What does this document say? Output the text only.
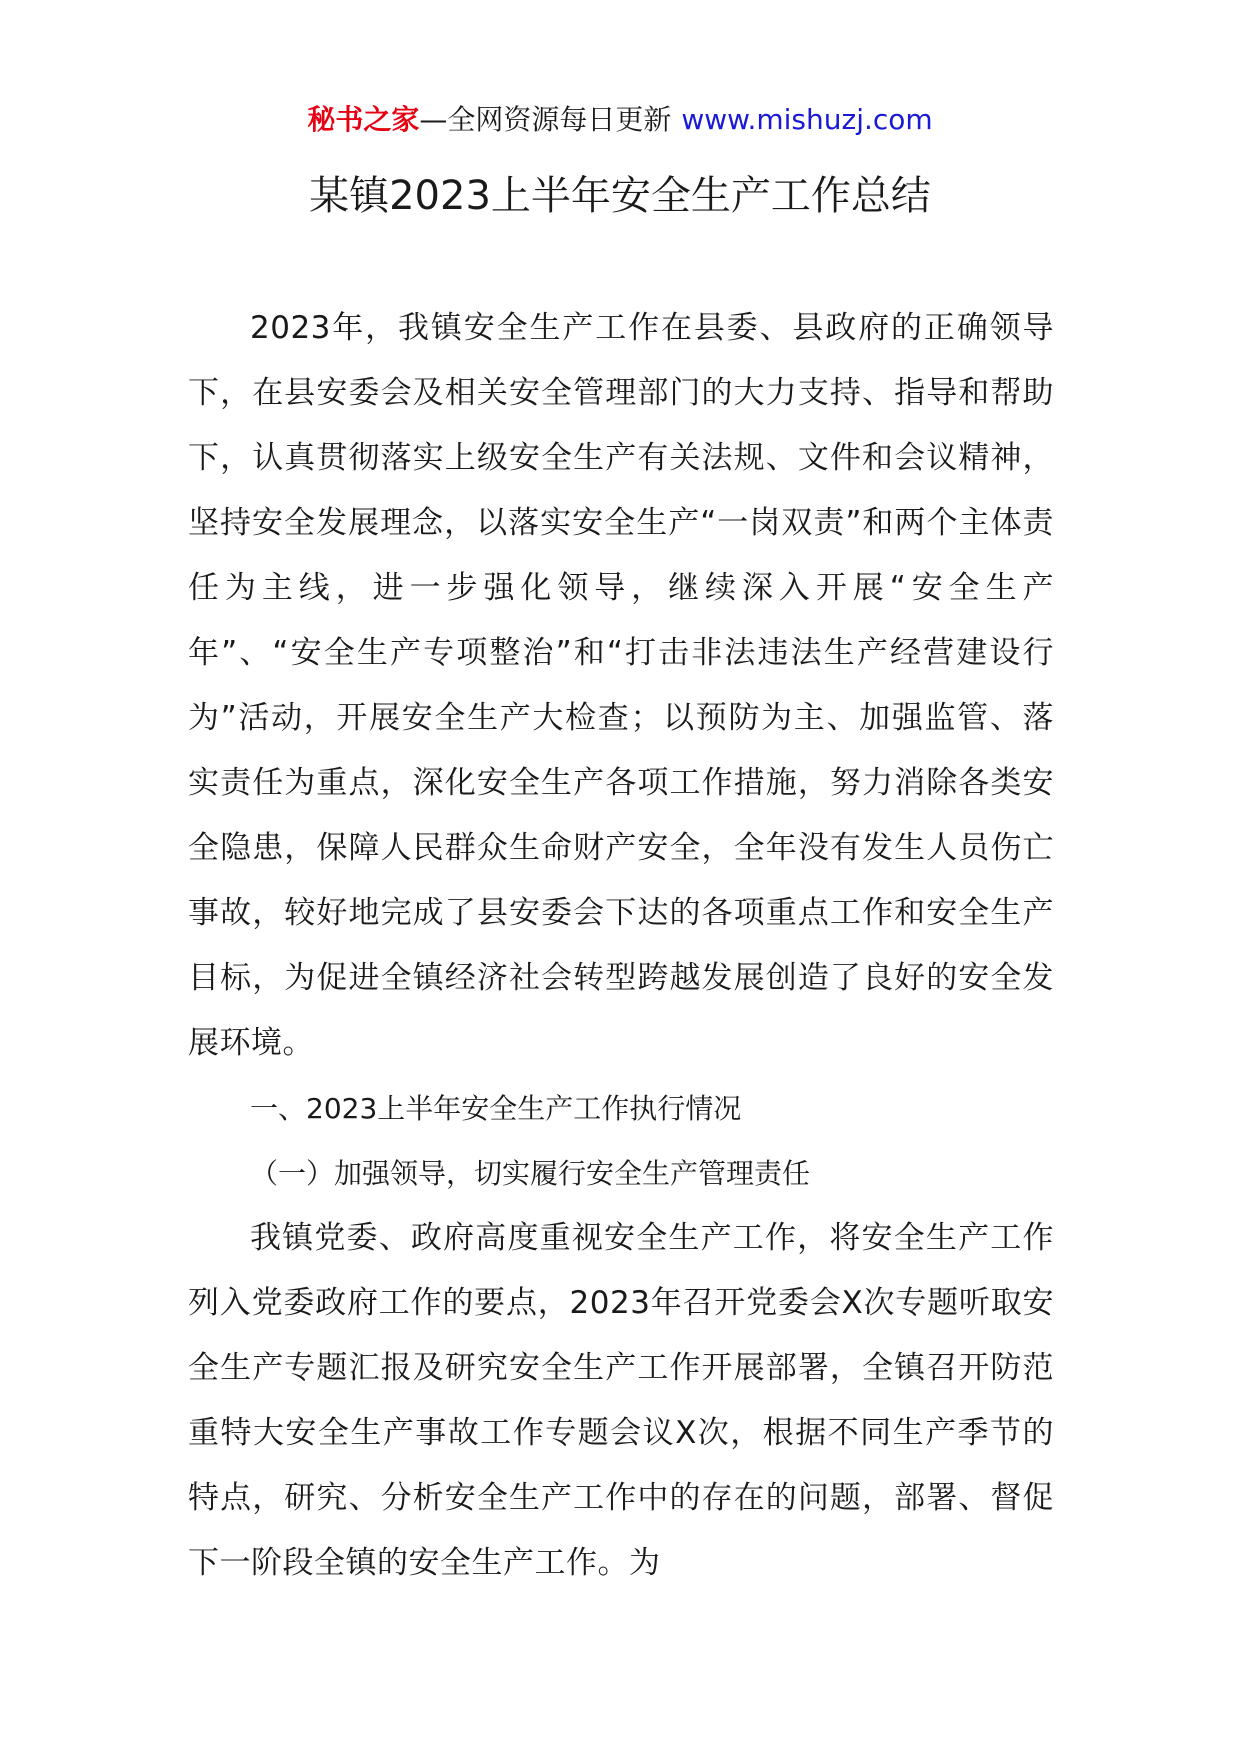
秘书之家—全网资源每日更新 www.mishuzj.com
某镇2023上半年安全生产工作总结

2023年，我镇安全生产工作在县委、县政府的正确领导下，在县安委会及相关安全管理部门的大力支持、指导和帮助下，认真贯彻落实上级安全生产有关法规、文件和会议精神，坚持安全发展理念，以落实安全生产“一岗双责”和两个主体责任为主线，进一步强化领导，继续深入开展“安全生产年”、“安全生产专项整治”和“打击非法违法生产经营建设行为”活动，开展安全生产大检查；以预防为主、加强监管、落实责任为重点，深化安全生产各项工作措施，努力消除各类安全隐患，保障人民群众生命财产安全，全年没有发生人员伤亡事故，较好地完成了县安委会下达的各项重点工作和安全生产目标，为促进全镇经济社会转型跨越发展创造了良好的安全发展环境。

一、2023上半年安全生产工作执行情况

（一）加强领导，切实履行安全生产管理责任

我镇党委、政府高度重视安全生产工作，将安全生产工作列入党委政府工作的要点，2023年召开党委会X次专题听取安全生产专题汇报及研究安全生产工作开展部署，全镇召开防范重特大安全生产事故工作专题会议X次，根据不同生产季节的特点，研究、分析安全生产工作中的存在的问题，部署、督促下一阶段全镇的安全生产工作。为
